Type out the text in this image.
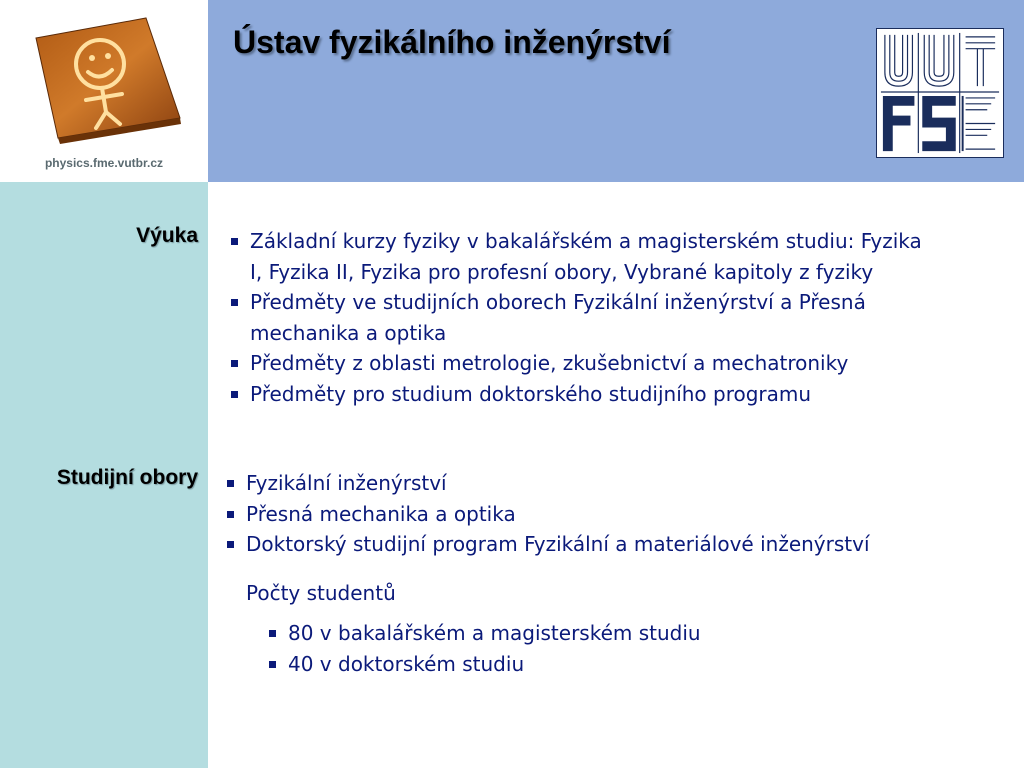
physics.fme.vutbr.cz
Ústav fyzikálního inženýrství
Výuka	Základní kurzy fyziky v bakalářském a magisterském studiu: Fyzika I, Fyzika II, Fyzika pro profesní obory, Vybrané kapitoly z fyziky
Předměty ve studijních oborech Fyzikální inženýrství a Přesná mechanika a optika
Předměty z oblasti metrologie, zkušebnictví a mechatroniky
Předměty pro studium doktorského studijního programu
Studijní obory Fyzikální inženýrství
Přesná mechanika a optika
Doktorský studijní program Fyzikální a materiálové inženýrství

Počty studentů

80 v bakalářském a magisterském studiu
40 v doktorském studiu
